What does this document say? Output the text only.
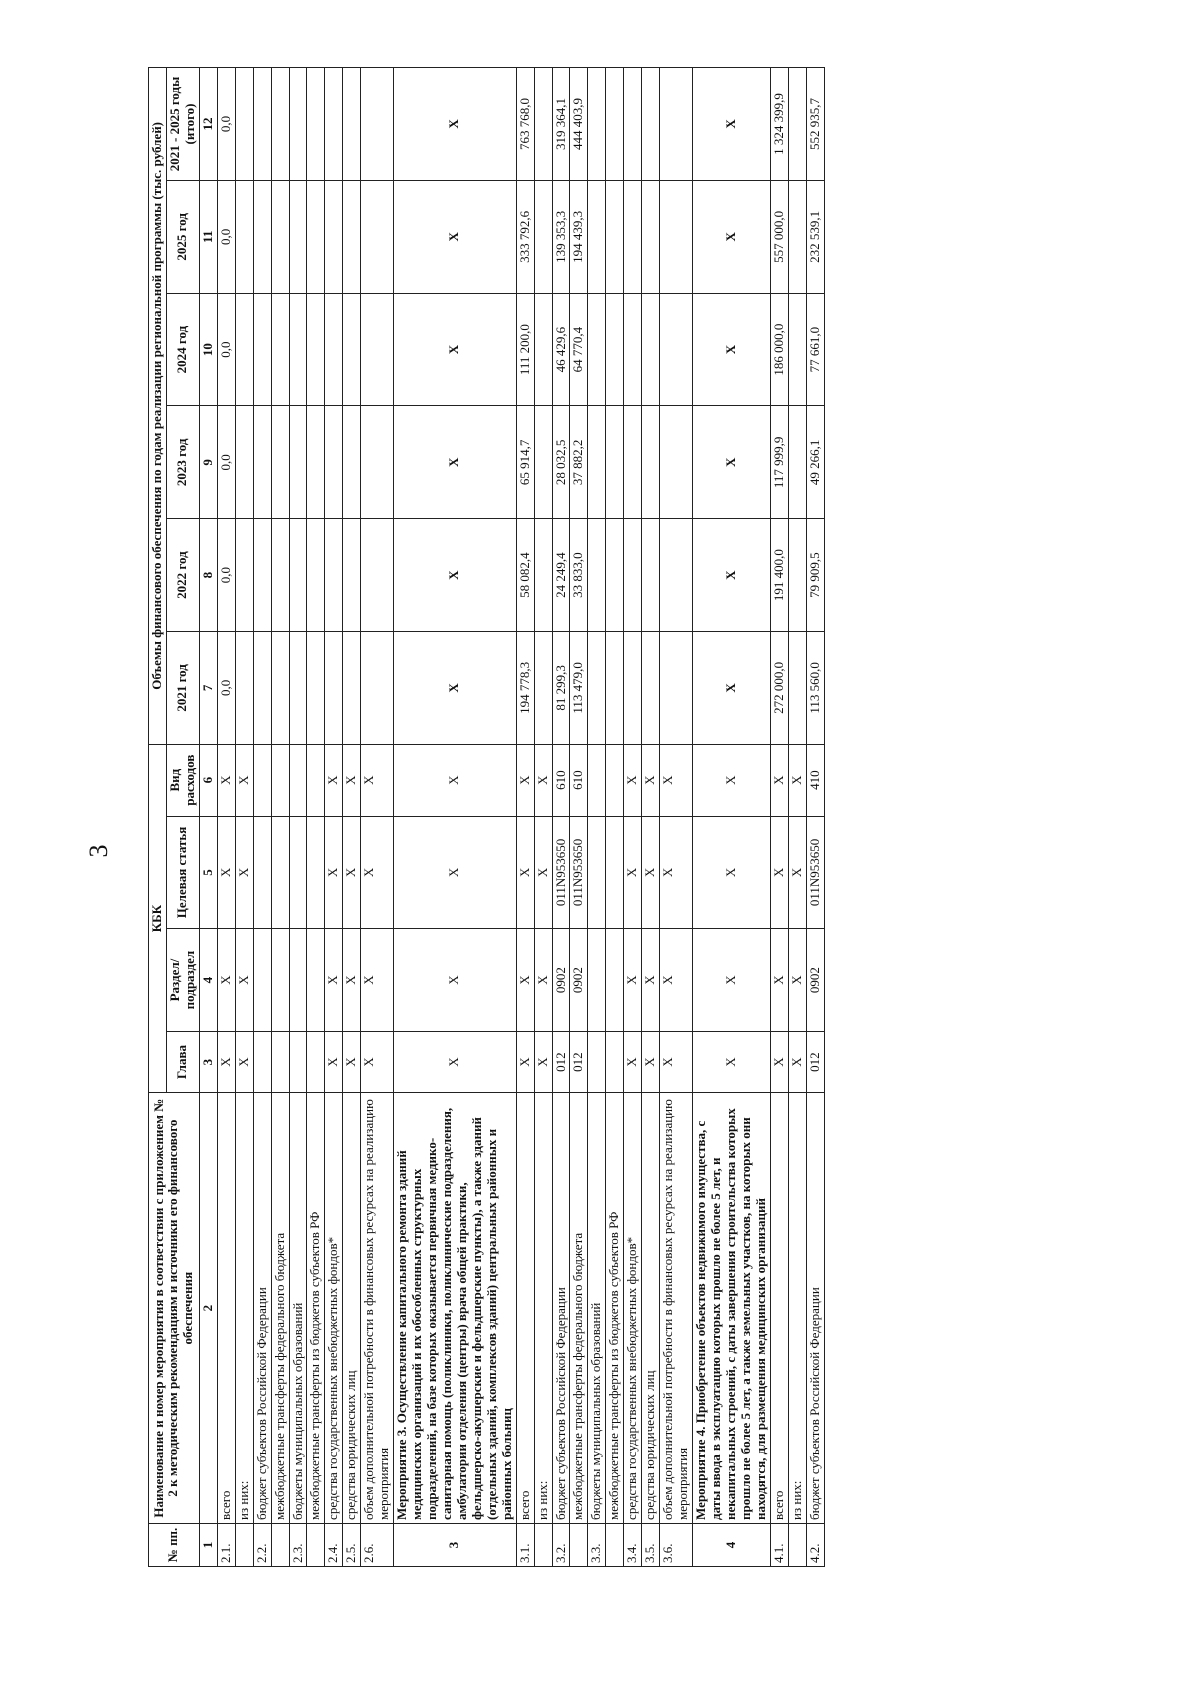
3
№ пп.	Наименование и номер мероприятия в соответствии с приложением № 2 к методическим рекомендациям и источники его финансового обеспечения	КБК				Объемы финансового обеспечения по годам реализации региональной программы (тыс. рублей)					
		Глава	Раздел/ подраздел	Целевая статья	Вид расходов	2021 год	2022 год	2023 год	2024 год	2025 год	2021 - 2025 годы (итого)
1	2	3	4	5	6	7	8	9	10	11	12
2.1.	всего	X	X	X	X	0,0	0,0	0,0	0,0	0,0	0,0
	из них:	X	X	X	X						
2.2.	бюджет субъектов Российской Федерации										
	межбюджетные трансферты федерального бюджета										
2.3.	бюджеты муниципальных образований										
	межбюджетные трансферты из бюджетов субъектов РФ										
2.4.	средства государственных внебюджетных фондов*	X	X	X	X						
2.5.	средства юридических лиц	X	X	X	X						
2.6.	объем дополнительной потребности в финансовых ресурсах на реализацию мероприятия	X	X	X	X						
3	Мероприятие 3. Осуществление капитального ремонта зданий медицинских организаций и их обособленных структурных подразделений, на базе которых оказывается первичная медико-санитарная помощь (поликлиники, поликлинические подразделения, амбулатории отделения (центры) врача общей практики, фельдшерско-акушерские и фельдшерские пункты), а также зданий (отдельных зданий, комплексов зданий) центральных районных и районных больниц	X	X	X	X	X	X	X	X	X	X
3.1.	всего	X	X	X	X	194 778,3	58 082,4	65 914,7	111 200,0	333 792,6	763 768,0
	из них:	X	X	X	X						
3.2.	бюджет субъектов Российской Федерации	012	0902	011N953650	610	81 299,3	24 249,4	28 032,5	46 429,6	139 353,3	319 364,1
	межбюджетные трансферты федерального бюджета	012	0902	011N953650	610	113 479,0	33 833,0	37 882,2	64 770,4	194 439,3	444 403,9
3.3.	бюджеты муниципальных образований										
	межбюджетные трансферты из бюджетов субъектов РФ										
3.4.	средства государственных внебюджетных фондов*	X	X	X	X						
3.5.	средства юридических лиц	X	X	X	X						
3.6.	объем дополнительной потребности в финансовых ресурсах на реализацию мероприятия	X	X	X	X						
4	Мероприятие 4. Приобретение объектов недвижимого имущества, с даты ввода в эксплуатацию которых прошло не более 5 лет, и некапитальных строений, с даты завершения строительства которых прошло не более 5 лет, а также земельных участков, на которых они находятся, для размещения медицинских организаций	X	X	X	X	X	X	X	X	X	X
4.1.	всего	X	X	X	X	272 000,0	191 400,0	117 999,9	186 000,0	557 000,0	1 324 399,9
	из них:	X	X	X	X						
4.2.	бюджет субъектов Российской Федерации	012	0902	011N953650	410	113 560,0	79 909,5	49 266,1	77 661,0	232 539,1	552 935,7
